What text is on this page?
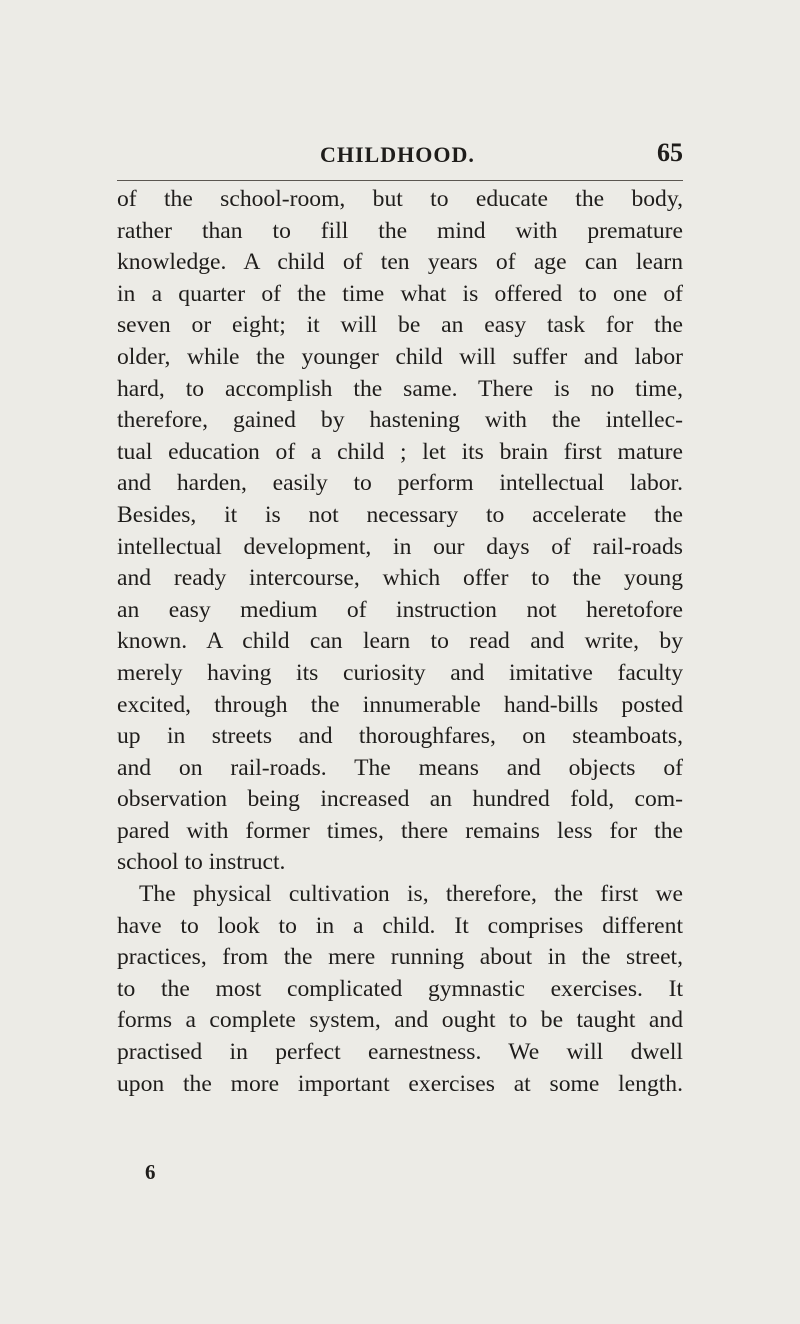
CHILDHOOD.	65
of the school-room, but to educate the body,
rather than to fill the mind with premature
knowledge. A child of ten years of age can learn
in a quarter of the time what is offered to one of
seven or eight; it will be an easy task for the
older, while the younger child will suffer and labor
hard, to accomplish the same. There is no time,
therefore, gained by hastening with the intellec-
tual education of a child ; let its brain first mature
and harden, easily to perform intellectual labor.
Besides, it is not necessary to accelerate the
intellectual development, in our days of rail-roads
and ready intercourse, which offer to the young
an easy medium of instruction not heretofore
known. A child can learn to read and write, by
merely having its curiosity and imitative faculty
excited, through the innumerable hand-bills posted
up in streets and thoroughfares, on steamboats,
and on rail-roads. The means and objects of
observation being increased an hundred fold, com-
pared with former times, there remains less for the
school to instruct.
The physical cultivation is, therefore, the first we
have to look to in a child. It comprises different
practices, from the mere running about in the street,
to the most complicated gymnastic exercises. It
forms a complete system, and ought to be taught and
practised in perfect earnestness. We will dwell
upon the more important exercises at some length.
6
